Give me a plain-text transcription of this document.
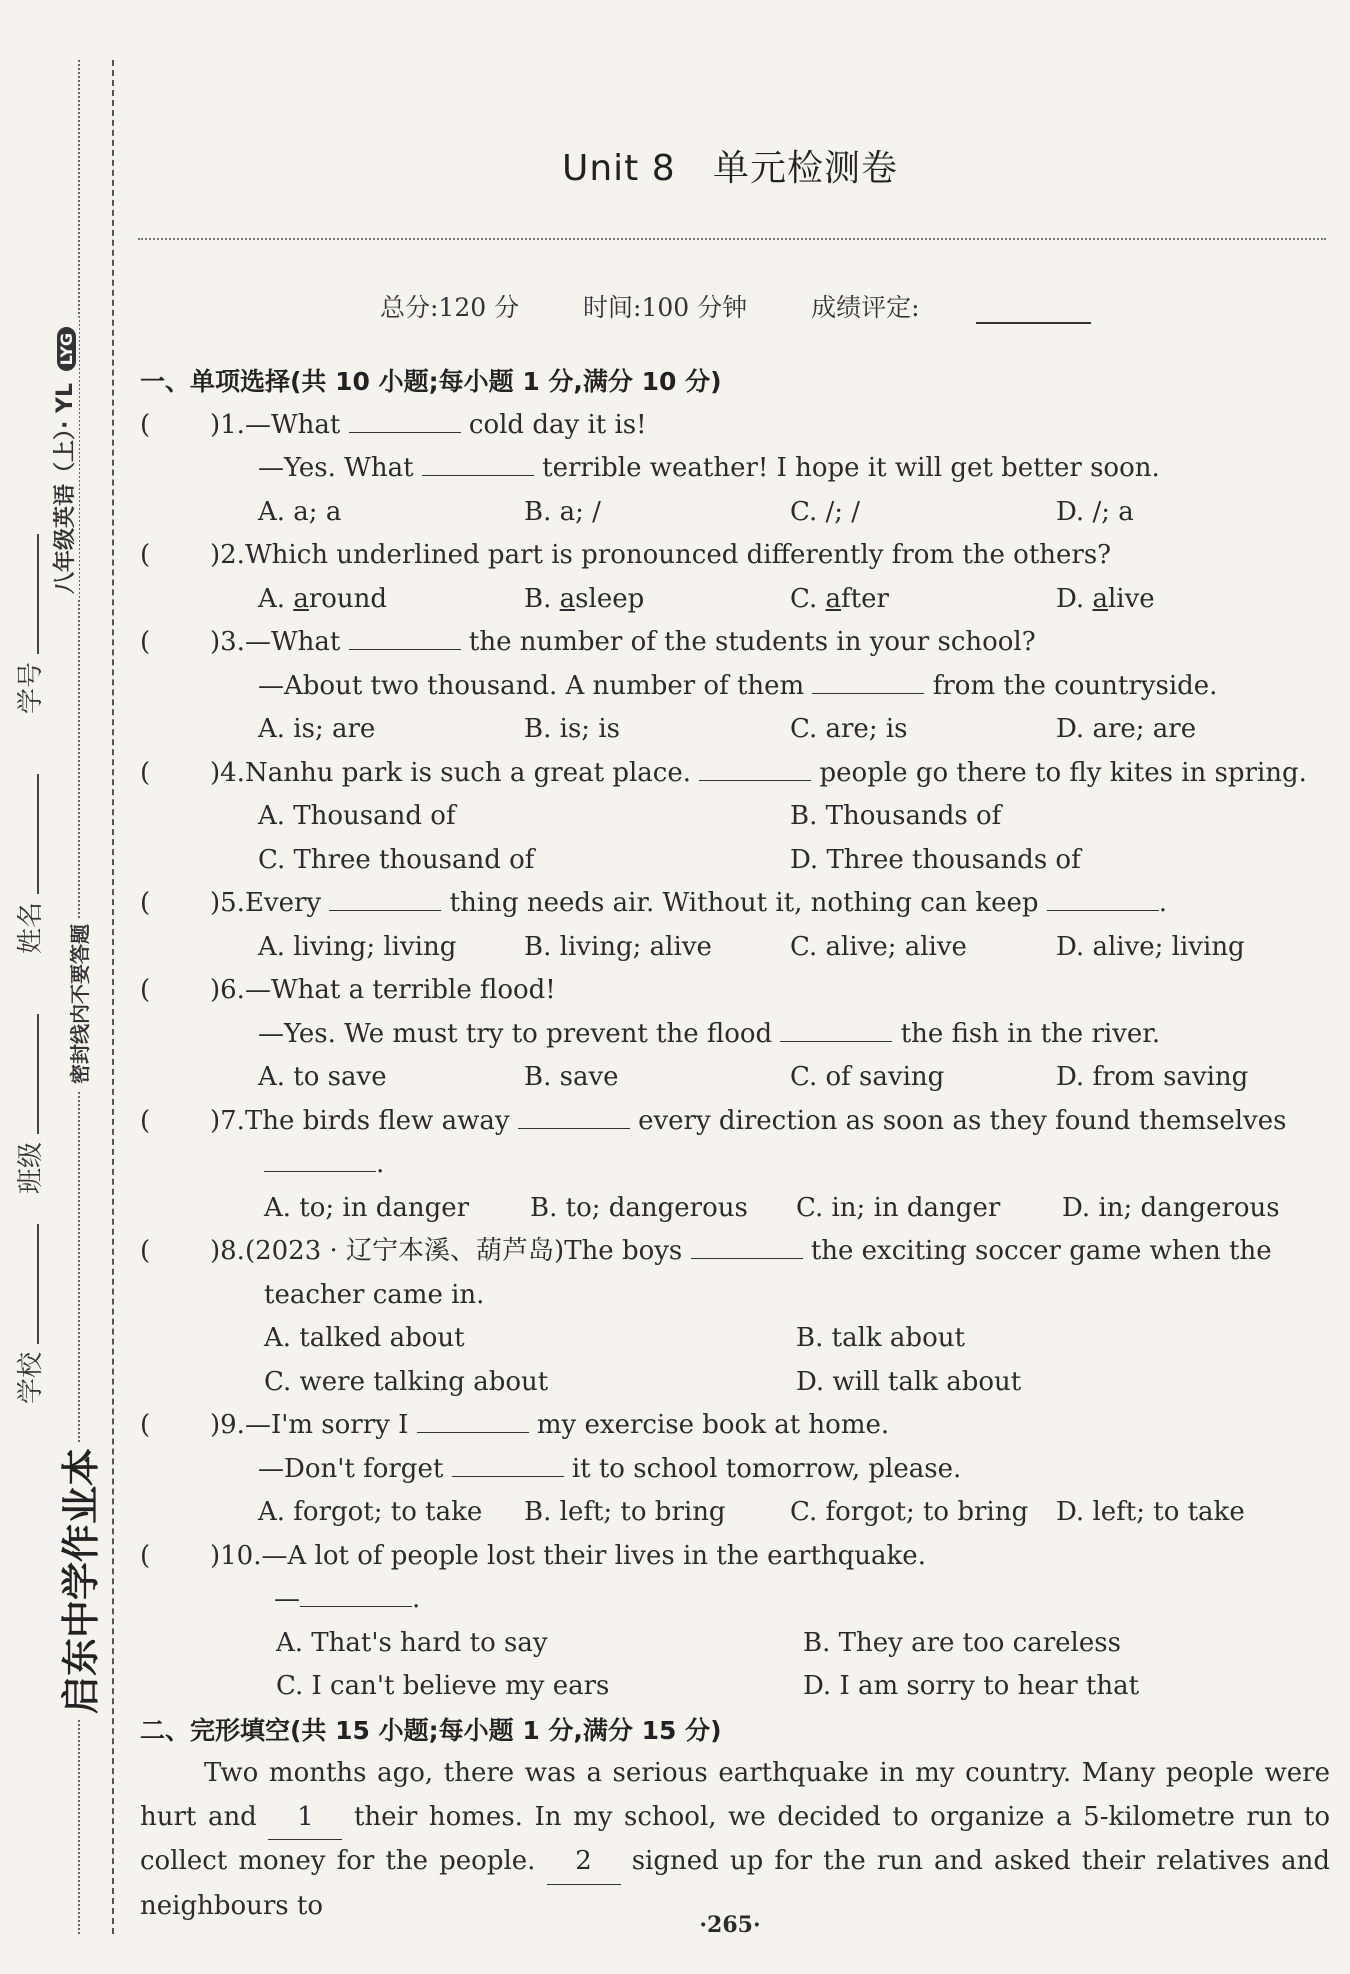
八年级英语（上）· YL LYG
密封线内不要答题
学号
姓名
班级
学校
启东中学作业本
Unit 8   单元检测卷
总分:120 分	时间:100 分钟	成绩评定:
一、单项选择(共 10 小题;每小题 1 分,满分 10 分)
( )1.—What	cold day it is!
—Yes. What	terrible weather! I hope it will get better soon.
A. a; a	B. a; /	C. /; /	D. /; a
( )2.Which underlined part is pronounced differently from the others?
A. around	B. asleep	C. after	D. alive
( )3.—What	the number of the students in your school?
—About two thousand. A number of them	from the countryside.
A. is; are	B. is; is	C. are; is	D. are; are
( )4.Nanhu park is such a great place.	people go there to fly kites in spring.
A. Thousand of	B. Thousands of
C. Three thousand of	D. Three thousands of
( )5.Every	thing needs air. Without it, nothing can keep	.
A. living; living	B. living; alive	C. alive; alive	D. alive; living
( )6.—What a terrible flood!
—Yes. We must try to prevent the flood	the fish in the river.
A. to save	B. save	C. of saving	D. from saving
( )7.The birds flew away	every direction as soon as they found themselves
.
A. to; in danger	B. to; dangerous	C. in; in danger	D. in; dangerous
( )8.(2023 · 辽宁本溪、葫芦岛)The boys	the exciting soccer game when the
teacher came in.
A. talked about	B. talk about
C. were talking about	D. will talk about
( )9.—I'm sorry I	my exercise book at home.
—Don't forget	it to school tomorrow, please.
A. forgot; to take	B. left; to bring	C. forgot; to bring	D. left; to take
( )10.—A lot of people lost their lives in the earthquake.
—	.
A. That's hard to say	B. They are too careless
C. I can't believe my ears	D. I am sorry to hear that
二、完形填空(共 15 小题;每小题 1 分,满分 15 分)
Two months ago, there was a serious earthquake in my country. Many people were hurt and 1 their homes. In my school, we decided to organize a 5-kilometre run to collect money for the people. 2 signed up for the run and asked their relatives and neighbours to
·265·
